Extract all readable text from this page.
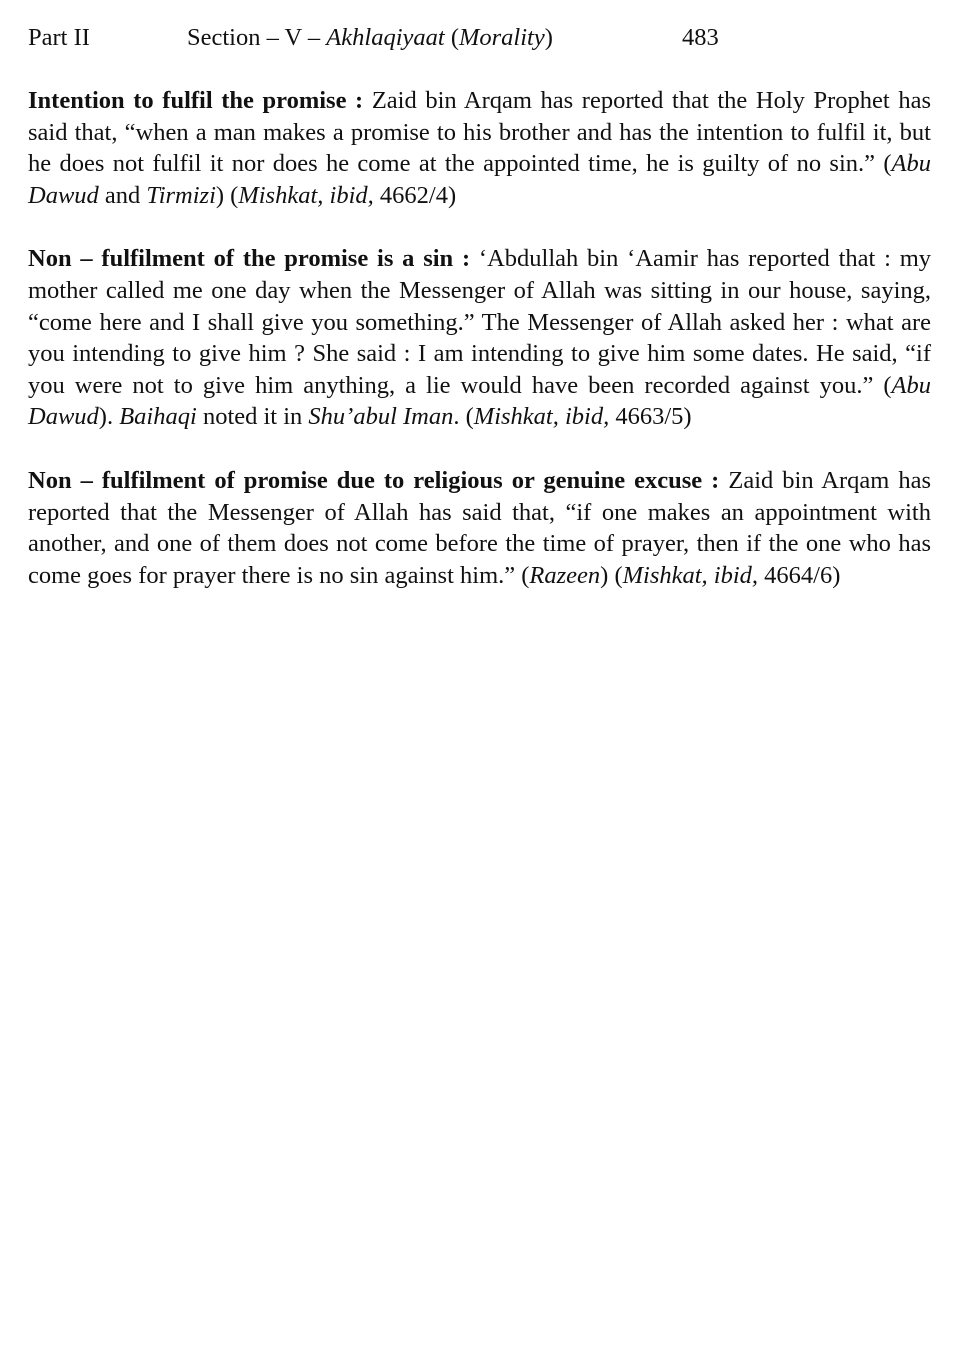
Part II	Section – V – Akhlaqiyaat (Morality)	483

Intention to fulfil the promise : Zaid bin Arqam has reported that the Holy Prophet has said that, “when a man makes a promise to his brother and has the intention to fulfil it, but he does not fulfil it nor does he come at the appointed time, he is guilty of no sin.” (Abu Dawud and Tirmizi) (Mishkat, ibid, 4662/4)

Non – fulfilment of the promise is a sin : ‘Abdullah bin ‘Aamir has reported that : my mother called me one day when the Messenger of Allah was sitting in our house, saying, “come here and I shall give you something.” The Messenger of Allah asked her : what are you intending to give him ? She said : I am intending to give him some dates. He said, “if you were not to give him anything, a lie would have been recorded against you.” (Abu Dawud). Baihaqi noted it in Shu’abul Iman. (Mishkat, ibid, 4663/5)

Non – fulfilment of promise due to religious or genuine excuse : Zaid bin Arqam has reported that the Messenger of Allah has said that, “if one makes an appointment with another, and one of them does not come before the time of prayer, then if the one who has come goes for prayer there is no sin against him.” (Razeen) (Mishkat, ibid, 4664/6)
